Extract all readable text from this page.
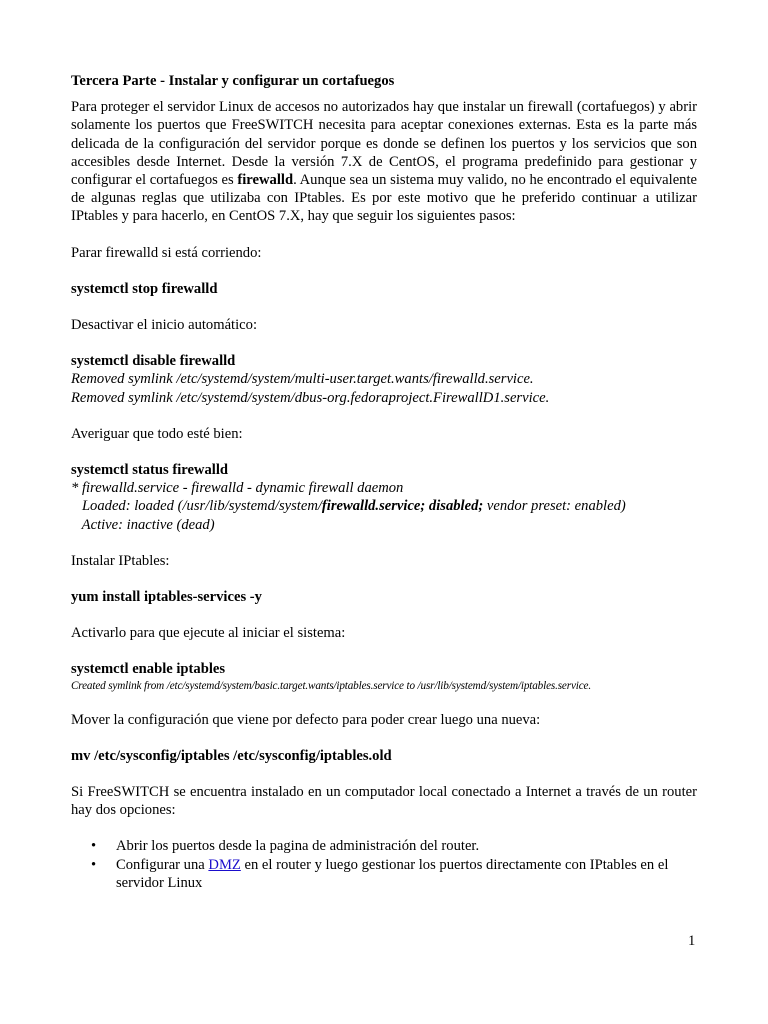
Tercera Parte - Instalar y configurar un cortafuegos

Para proteger el servidor Linux de accesos no autorizados hay que instalar un firewall (cortafuegos) y abrir solamente los puertos que FreeSWITCH necesita para aceptar conexiones externas. Esta es la parte más delicada de la configuración del servidor porque es donde se definen los puertos y los servicios que son accesibles desde Internet. Desde la versión 7.X de CentOS, el programa predefinido para gestionar y configurar el cortafuegos es firewalld. Aunque sea un sistema muy valido, no he encontrado el equivalente de algunas reglas que utilizaba con IPtables. Es por este motivo que he preferido continuar a utilizar IPtables y para hacerlo, en CentOS 7.X, hay que seguir los siguientes pasos:

Parar firewalld si está corriendo:

systemctl stop firewalld

Desactivar el inicio automático:

systemctl disable firewalld

Removed symlink /etc/systemd/system/multi-user.target.wants/firewalld.service.

Removed symlink /etc/systemd/system/dbus-org.fedoraproject.FirewallD1.service.

Averiguar que todo esté bien:

systemctl status firewalld

* firewalld.service - firewalld - dynamic firewall daemon

Loaded: loaded (/usr/lib/systemd/system/firewalld.service; disabled; vendor preset: enabled)

Active: inactive (dead)

Instalar IPtables:

yum install iptables-services -y

Activarlo para que ejecute al iniciar el sistema:

systemctl enable iptables

Created symlink from /etc/systemd/system/basic.target.wants/iptables.service to /usr/lib/systemd/system/iptables.service.

Mover la configuración que viene por defecto para poder crear luego una nueva:

mv /etc/sysconfig/iptables /etc/sysconfig/iptables.old

Si FreeSWITCH se encuentra instalado en un computador local conectado a Internet a través de un router hay dos opciones:

• Abrir los puertos desde la pagina de administración del router.
• Configurar una DMZ en el router y luego gestionar los puertos directamente con IPtables en el servidor Linux
1
